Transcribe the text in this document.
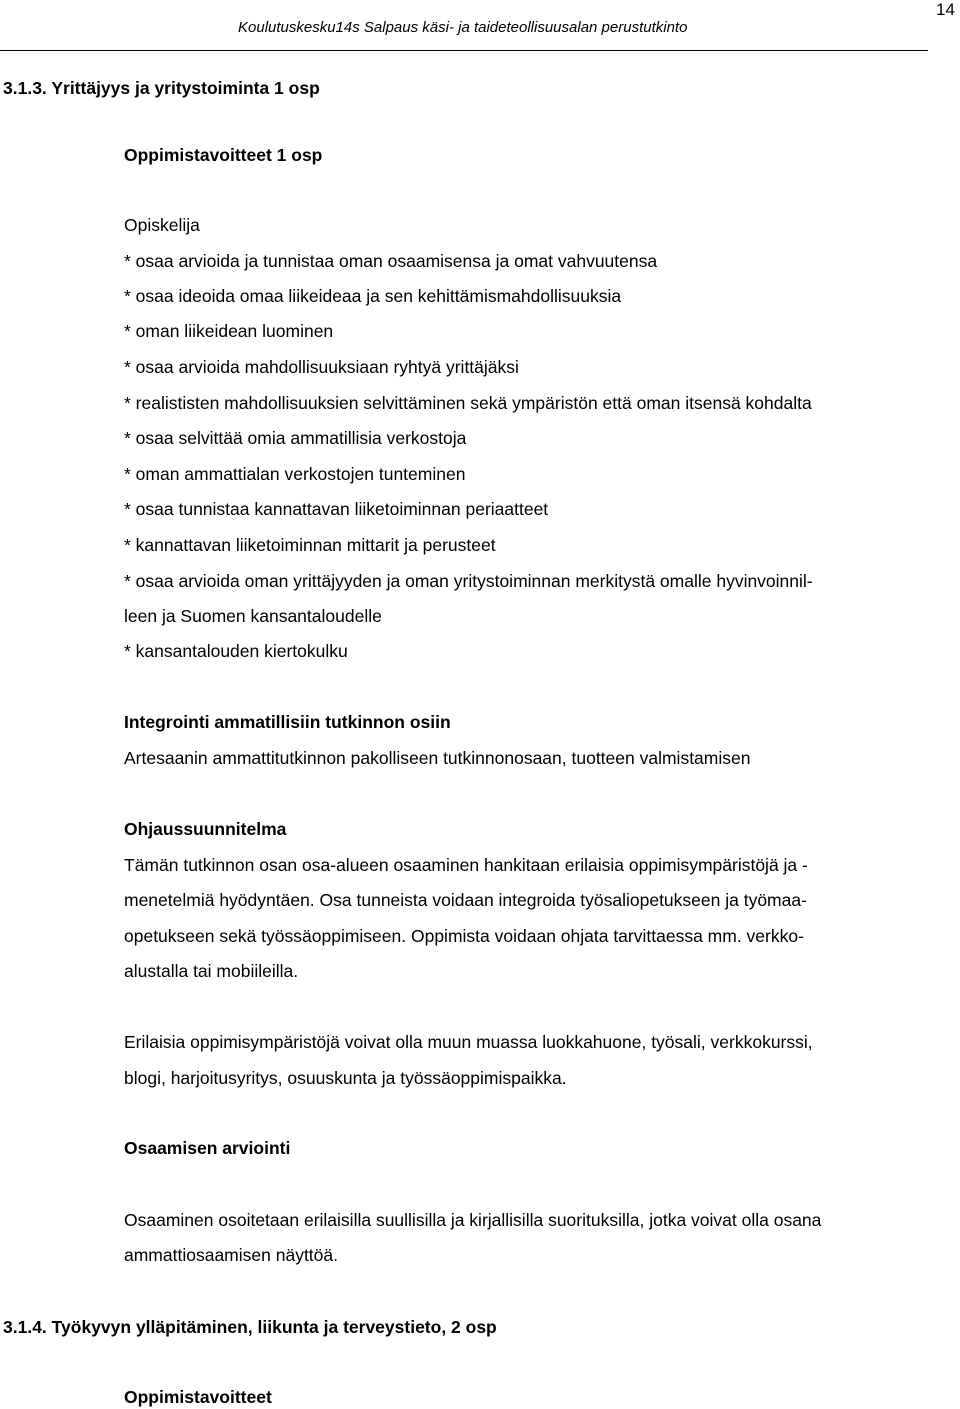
14
Koulutuskesku14s Salpaus käsi- ja taideteollisuusalan perustutkinto
3.1.3. Yrittäjyys ja yritystoiminta 1 osp
Oppimistavoitteet 1 osp
Opiskelija
* osaa arvioida ja tunnistaa oman osaamisensa ja omat vahvuutensa
* osaa ideoida omaa liikeideaa ja sen kehittämismahdollisuuksia
* oman liikeidean luominen
* osaa arvioida mahdollisuuksiaan ryhtyä yrittäjäksi
* realististen mahdollisuuksien selvittäminen sekä ympäristön että oman itsensä kohdalta
* osaa selvittää omia ammatillisia verkostoja
* oman ammattialan verkostojen tunteminen
* osaa tunnistaa kannattavan liiketoiminnan periaatteet
* kannattavan liiketoiminnan mittarit ja perusteet
* osaa arvioida oman yrittäjyyden ja oman yritystoiminnan merkitystä omalle hyvinvoinnil-
leen ja Suomen kansantaloudelle
* kansantalouden kiertokulku
Integrointi ammatillisiin tutkinnon osiin
Artesaanin ammattitutkinnon pakolliseen tutkinnonosaan, tuotteen valmistamisen
Ohjaussuunnitelma
Tämän tutkinnon osan osa-alueen osaaminen hankitaan erilaisia oppimisympäristöjä ja -
menetelmiä hyödyntäen. Osa tunneista voidaan integroida työsaliopetukseen ja työmaa-
opetukseen sekä työssäoppimiseen. Oppimista voidaan ohjata tarvittaessa mm. verkko-
alustalla tai mobiileilla.
Erilaisia oppimisympäristöjä voivat olla muun muassa luokkahuone, työsali, verkkokurssi,
blogi, harjoitusyritys, osuuskunta ja työssäoppimispaikka.
Osaamisen arviointi
Osaaminen osoitetaan erilaisilla suullisilla ja kirjallisilla suorituksilla, jotka voivat olla osana
ammattiosaamisen näyttöä.
3.1.4. Työkyvyn ylläpitäminen, liikunta ja terveystieto, 2 osp
Oppimistavoitteet
